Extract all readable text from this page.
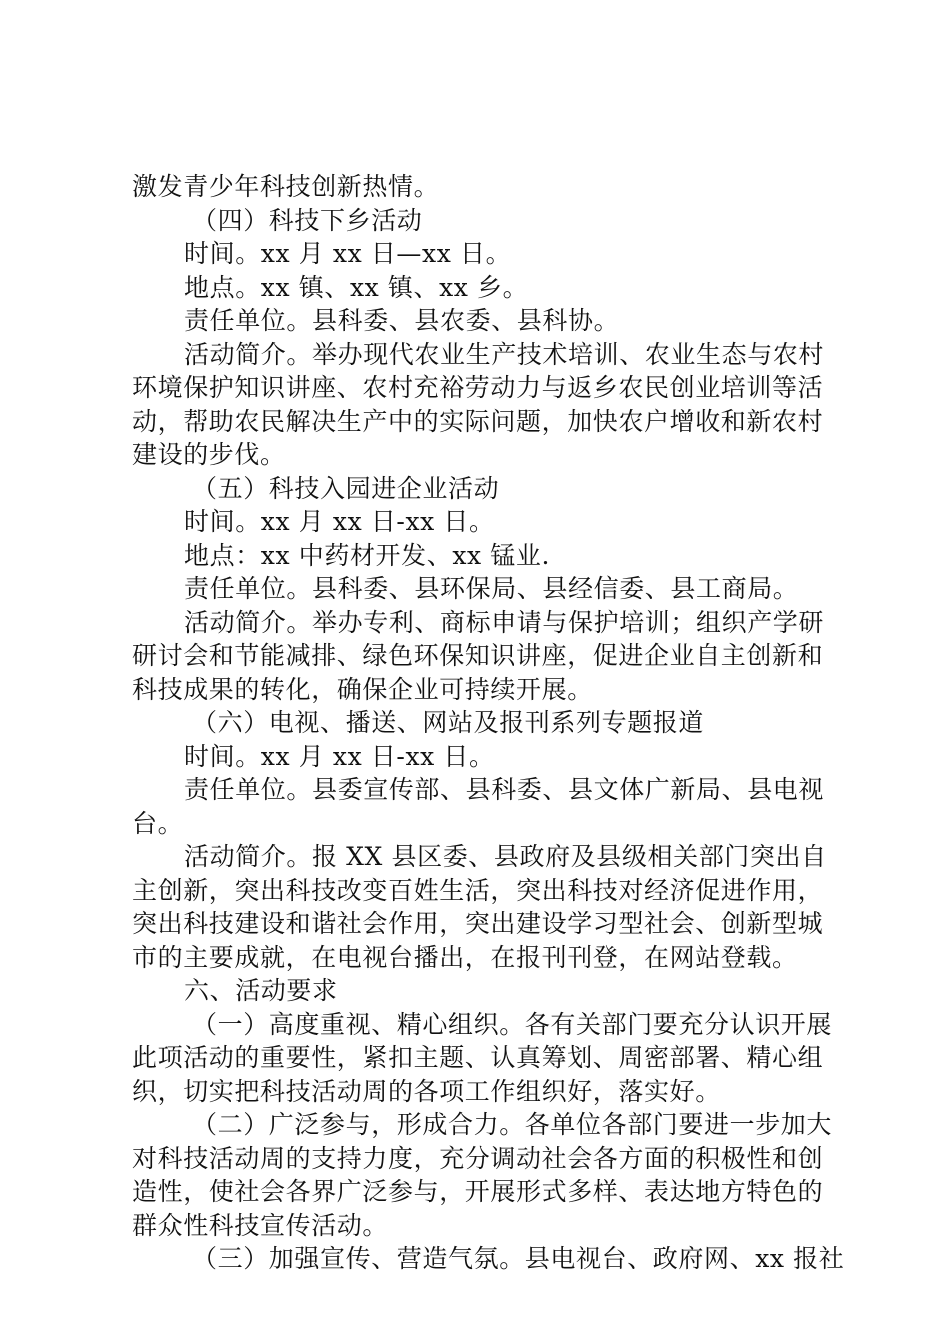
激发青少年科技创新热情。
（四）科技下乡活动
时间。xx 月 xx 日—xx 日。
地点。xx 镇、xx 镇、xx 乡。
责任单位。县科委、县农委、县科协。
活动简介。举办现代农业生产技术培训、农业生态与农村
环境保护知识讲座、农村充裕劳动力与返乡农民创业培训等活
动，帮助农民解决生产中的实际问题，加快农户增收和新农村
建设的步伐。
（五）科技入园进企业活动
时间。xx 月 xx 日-xx 日。
地点：xx 中药材开发、xx 锰业.
责任单位。县科委、县环保局、县经信委、县工商局。
活动简介。举办专利、商标申请与保护培训；组织产学研
研讨会和节能减排、绿色环保知识讲座，促进企业自主创新和
科技成果的转化，确保企业可持续开展。
（六）电视、播送、网站及报刊系列专题报道
时间。xx 月 xx 日-xx 日。
责任单位。县委宣传部、县科委、县文体广新局、县电视
台。
活动简介。报 XX 县区委、县政府及县级相关部门突出自
主创新，突出科技改变百姓生活，突出科技对经济促进作用，
突出科技建设和谐社会作用，突出建设学习型社会、创新型城
市的主要成就，在电视台播出，在报刊刊登，在网站登载。
六、活动要求
（一）高度重视、精心组织。各有关部门要充分认识开展
此项活动的重要性，紧扣主题、认真筹划、周密部署、精心组
织，切实把科技活动周的各项工作组织好，落实好。
（二）广泛参与，形成合力。各单位各部门要进一步加大
对科技活动周的支持力度，充分调动社会各方面的积极性和创
造性，使社会各界广泛参与，开展形式多样、表达地方特色的
群众性科技宣传活动。
（三）加强宣传、营造气氛。县电视台、政府网、xx 报社
